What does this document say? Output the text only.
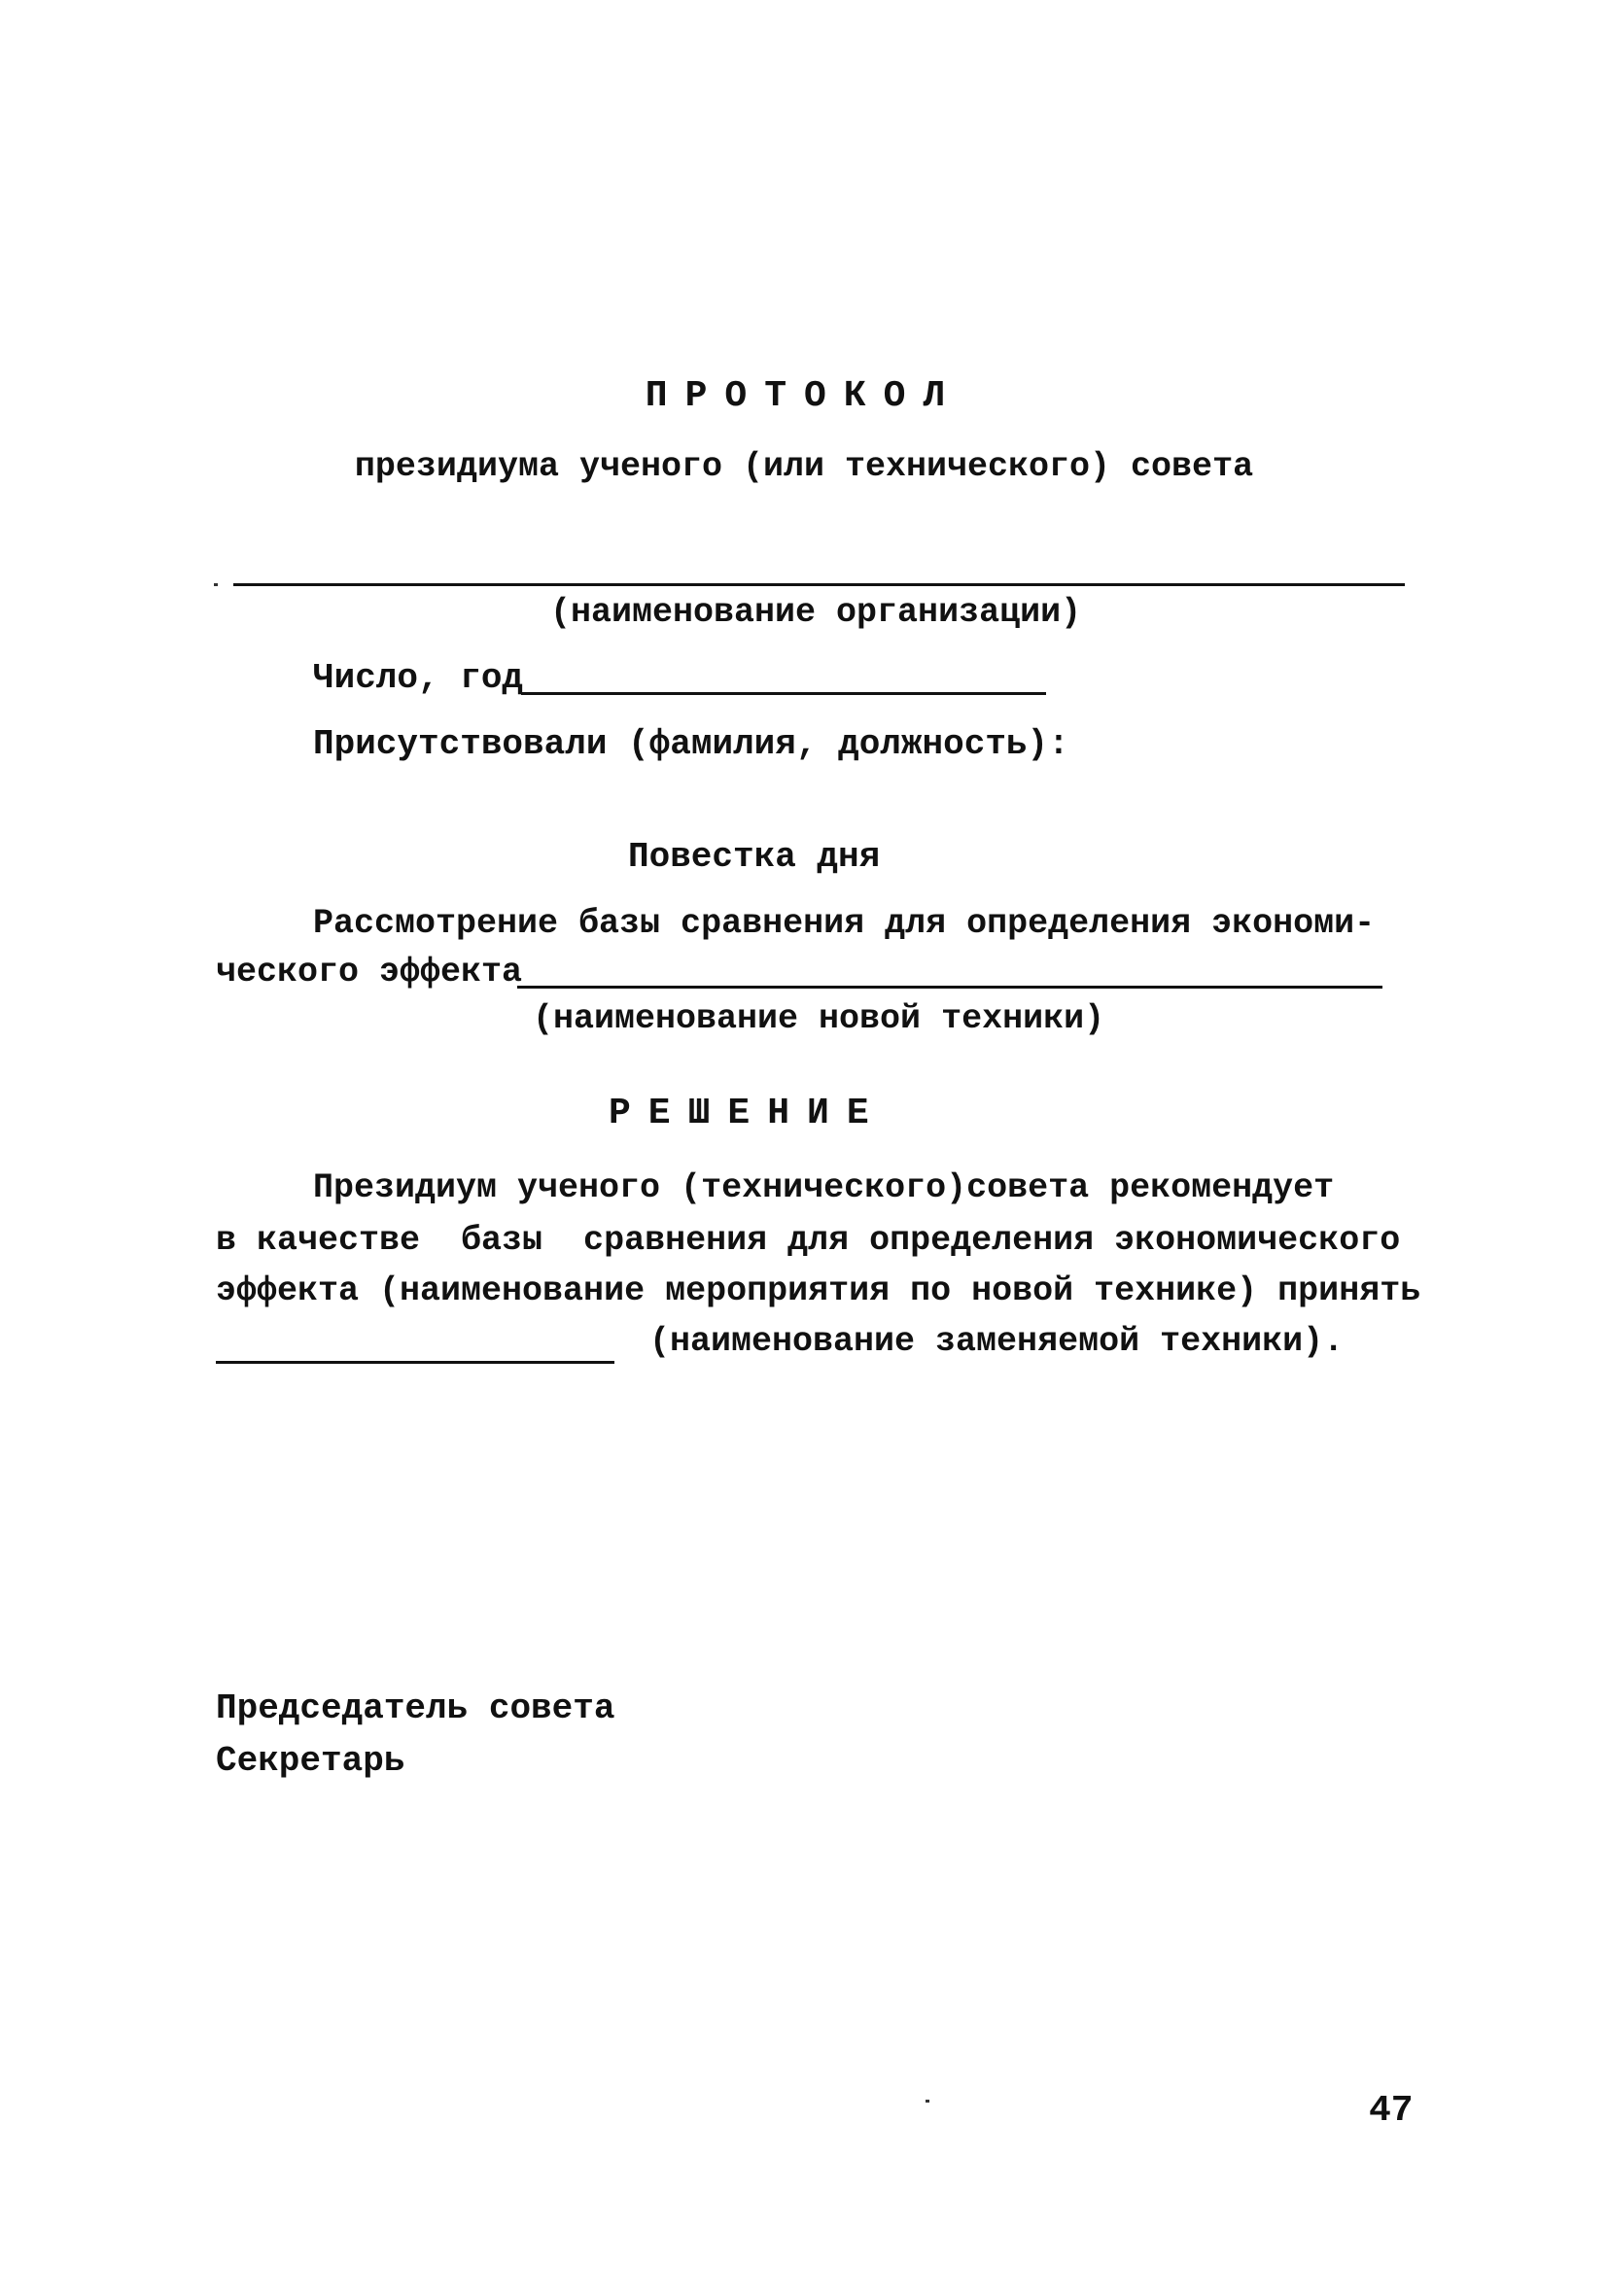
ПРОТОКОЛ
президиума ученого (или технического) совета
(наименование организации)
Число, год
Присутствовали (фамилия, должность):
Повестка дня
Рассмотрение базы сравнения для определения экономи-
ческого эффекта
(наименование новой техники)
РЕШЕНИЕ
Президиум ученого (технического)совета рекомендует
в качестве  базы  сравнения для определения экономического
эффекта (наименование мероприятия по новой технике) принять
(наименование заменяемой техники).
Председатель совета
Секретарь
47
